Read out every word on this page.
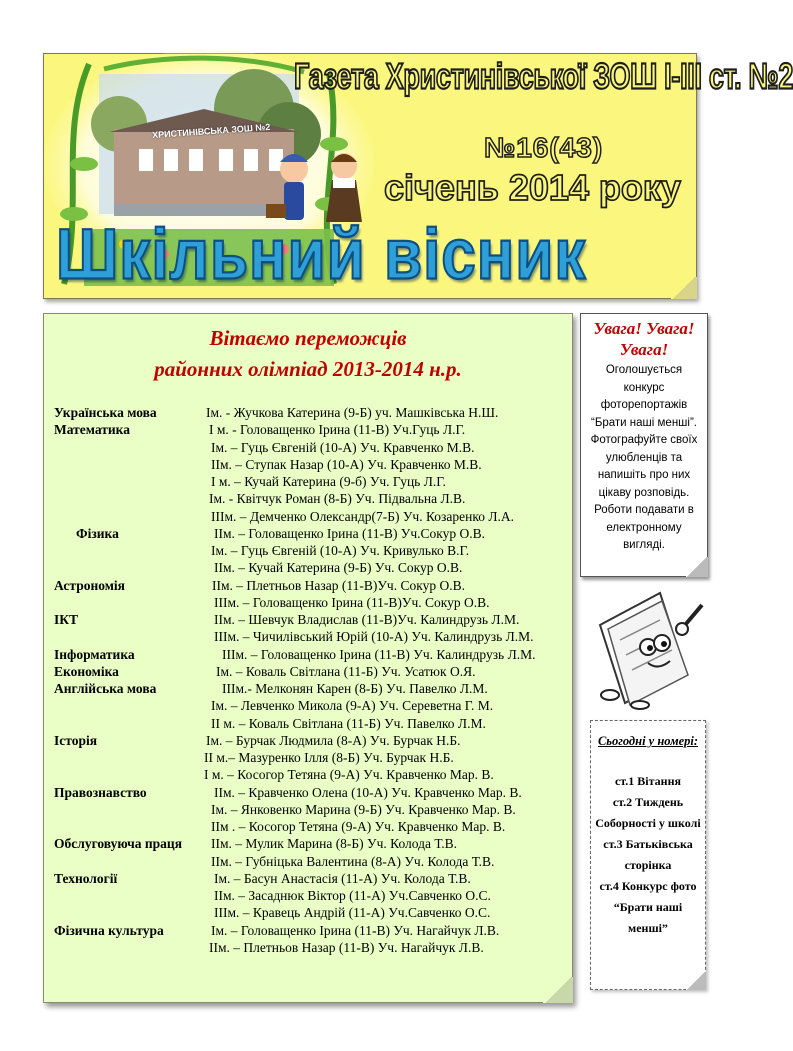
ХРИСТИНІВСЬКА ЗОШ №2
Газета Христинівської ЗОШ І-ІІІ ст. №2
№16(43)
січень 2014 року
Шкільний вісник
Вітаємо переможців
районних олімпіад 2013-2014 н.р.
Українська мова	Ім. - Жучкова Катерина (9-Б) уч. Машківська Н.Ш.
Математика	І м. - Головащенко Ірина (11-В) Уч.Гуць Л.Г.
Ім. – Гуць Євгеній (10-А) Уч. Кравченко М.В.
ІІм. – Ступак Назар (10-А) Уч. Кравченко М.В.
І м. – Кучай Катерина (9-б) Уч. Гуць Л.Г.
Ім. - Квітчук Роман (8-Б) Уч. Підвальна Л.В.
ІІІм. – Демченко Олександр(7-Б) Уч. Козаренко Л.А.
Фізика	ІІм. – Головащенко Ірина (11-В) Уч.Сокур О.В.
Ім. – Гуць Євгеній (10-А) Уч. Кривулько В.Г.
ІІм. – Кучай Катерина (9-Б) Уч. Сокур О.В.
Астрономія	ІІм. – Плетньов Назар (11-В)Уч. Сокур О.В.
ІІІм. – Головащенко Ірина (11-В)Уч. Сокур О.В.
ІКТ	ІІм. – Шевчук Владислав (11-В)Уч. Калиндрузь Л.М.
ІІІм. – Чичилівський Юрій (10-А) Уч. Калиндрузь Л.М.
Інформатика	ІІІм. – Головащенко Ірина (11-В) Уч. Калиндрузь Л.М.
Економіка	Ім. – Коваль Світлана (11-Б) Уч. Усатюк О.Я.
Англійська мова	ІІІм.- Мелконян Карен (8-Б) Уч. Павелко Л.М.
Ім. – Левченко Микола (9-А) Уч. Сереветна Г. М.
ІІ м. – Коваль Світлана (11-Б) Уч. Павелко Л.М.
Історія	Ім. – Бурчак Людмила (8-А) Уч. Бурчак Н.Б.
ІІ м.– Мазуренко Ілля (8-Б) Уч. Бурчак Н.Б.
І м. – Косогор Тетяна (9-А) Уч. Кравченко Мар. В.
Правознавство	ІІм. – Кравченко Олена (10-А) Уч. Кравченко Мар. В.
Ім. – Янковенко Марина (9-Б) Уч. Кравченко Мар. В.
ІІм . – Косогор Тетяна (9-А) Уч. Кравченко Мар. В.
Обслуговуюча праця ІІм. – Мулик Марина (8-Б) Уч. Колода Т.В.
ІІм. – Губніцька Валентина (8-А) Уч. Колода Т.В.
Технології	Ім. – Басун Анастасія (11-А) Уч. Колода Т.В.
ІІм. – Засаднюк Віктор (11-А) Уч.Савченко О.С.
ІІІм. – Кравець Андрій (11-А) Уч.Савченко О.С.
Фізична культура	Ім. – Головащенко Ірина (11-В) Уч. Нагайчук Л.В.
ІІм. – Плетньов Назар (11-В) Уч. Нагайчук Л.В.
Увага! Увага! Увага!
Оголошується конкурс фоторепортажів “Брати наші менші”. Фотографуйте своїх улюбленців та напишіть про них цікаву розповідь. Роботи подавати в електронному вигляді.
Сьогодні у номері:
ст.1 Вітання
ст.2 Тиждень Соборності у школі
ст.3 Батьківська сторінка
ст.4 Конкурс фото “Брати наші менші”
